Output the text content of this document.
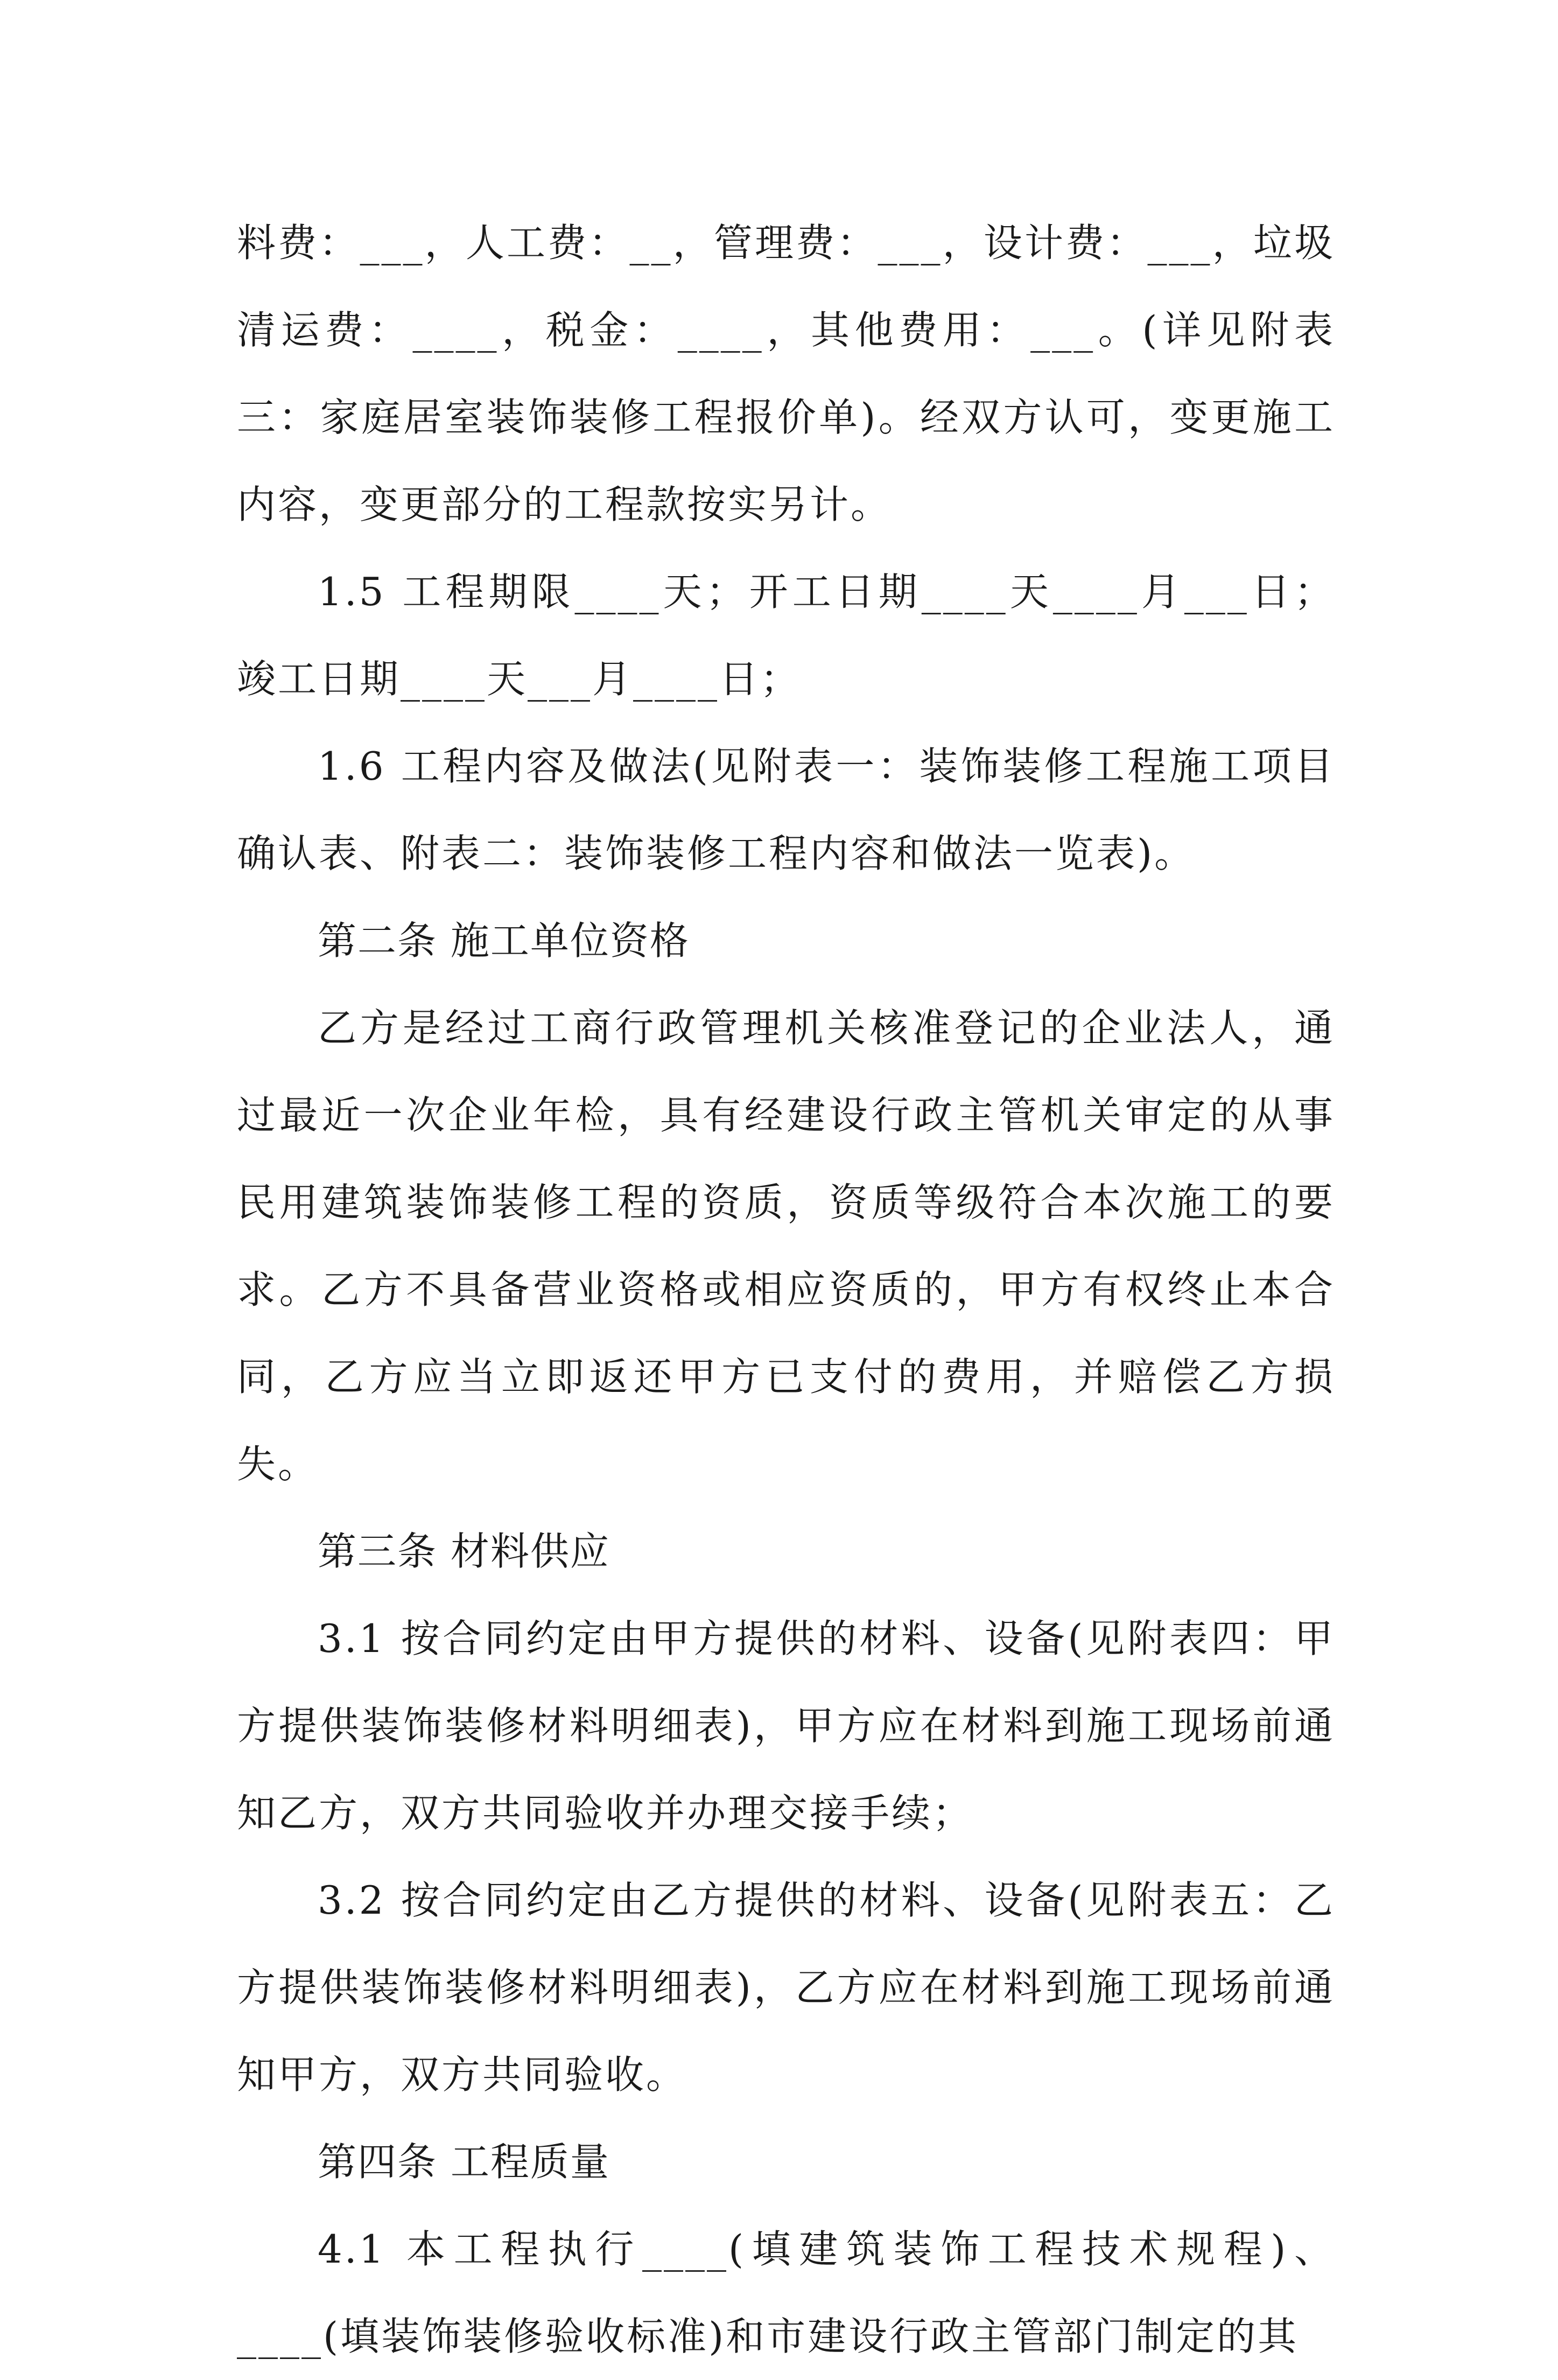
料费：___，人工费：__，管理费：___，设计费：___，垃圾清运费：____，税金：____，其他费用：___。(详见附表三：家庭居室装饰装修工程报价单)。经双方认可，变更施工内容，变更部分的工程款按实另计。

1.5 工程期限____天；开工日期____天____月___日；竣工日期____天___月____日；

1.6 工程内容及做法(见附表一：装饰装修工程施工项目确认表、附表二：装饰装修工程内容和做法一览表)。

第二条 施工单位资格

乙方是经过工商行政管理机关核准登记的企业法人，通过最近一次企业年检，具有经建设行政主管机关审定的从事民用建筑装饰装修工程的资质，资质等级符合本次施工的要求。乙方不具备营业资格或相应资质的，甲方有权终止本合同，乙方应当立即返还甲方已支付的费用，并赔偿乙方损失。

第三条 材料供应

3.1 按合同约定由甲方提供的材料、设备(见附表四：甲方提供装饰装修材料明细表)，甲方应在材料到施工现场前通知乙方，双方共同验收并办理交接手续；

3.2 按合同约定由乙方提供的材料、设备(见附表五：乙方提供装饰装修材料明细表)，乙方应在材料到施工现场前通知甲方，双方共同验收。

第四条 工程质量

4.1 本工程执行____(填建筑装饰工程技术规程)、____(填装饰装修验收标准)和市建设行政主管部门制定的其
